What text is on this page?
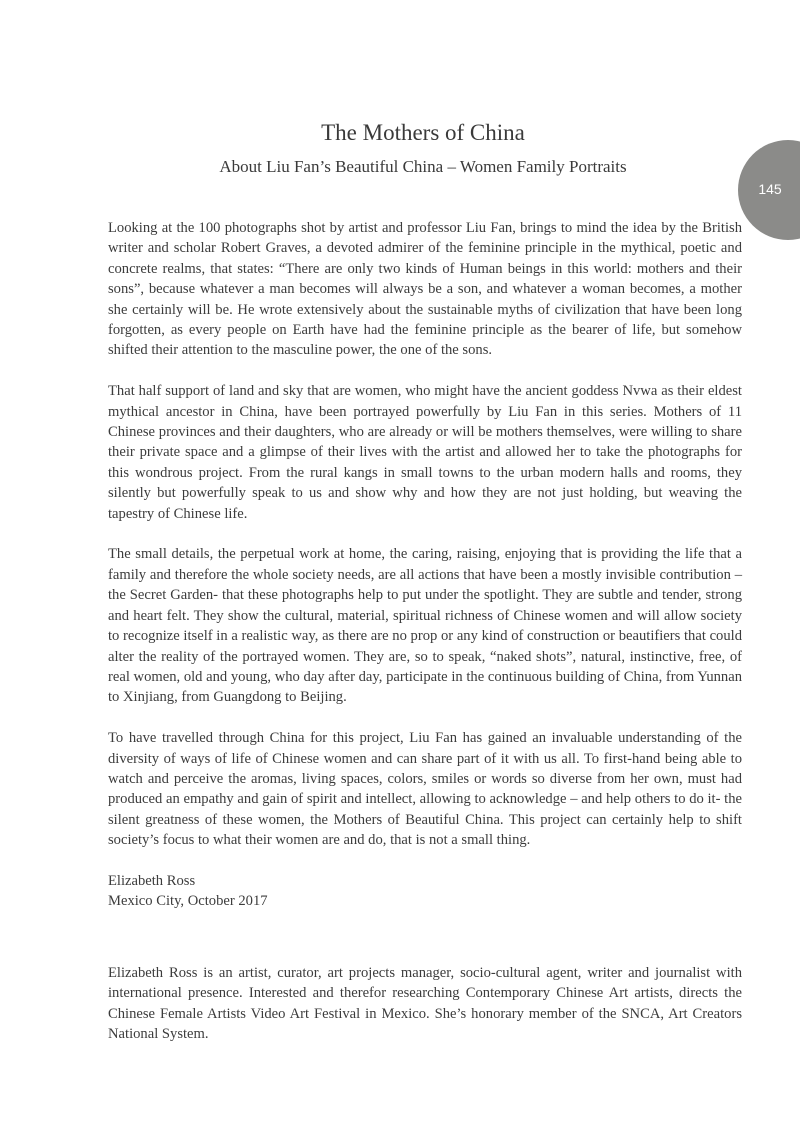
145
The Mothers of China
About Liu Fan’s Beautiful China – Women Family Portraits

Looking at the 100 photographs shot by artist and professor Liu Fan, brings to mind the idea by the British writer and scholar Robert Graves, a devoted admirer of the feminine principle in the mythical, poetic and concrete realms, that states: “There are only two kinds of Human beings in this world: mothers and their sons”, because whatever a man becomes will always be a son, and whatever a woman becomes, a mother she certainly will be. He wrote extensively about the sustainable myths of civilization that have been long forgotten, as every people on Earth have had the feminine principle as the bearer of life, but somehow shifted their attention to the masculine power, the one of the sons.

That half support of land and sky that are women, who might have the ancient goddess Nvwa as their eldest mythical ancestor in China, have been portrayed powerfully by Liu Fan in this series. Mothers of 11 Chinese provinces and their daughters, who are already or will be mothers themselves, were willing to share their private space and a glimpse of their lives with the artist and allowed her to take the photographs for this wondrous project. From the rural kangs in small towns to the urban modern halls and rooms, they silently but powerfully speak to us and show why and how they are not just holding, but weaving the tapestry of Chinese life.

The small details, the perpetual work at home, the caring, raising, enjoying that is providing the life that a family and therefore the whole society needs, are all actions that have been a mostly invisible contribution – the Secret Garden- that these photographs help to put under the spotlight. They are subtle and tender, strong and heart felt. They show the cultural, material, spiritual richness of Chinese women and will allow society to recognize itself in a realistic way, as there are no prop or any kind of construction or beautifiers that could alter the reality of the portrayed women. They are, so to speak, “naked shots”, natural, instinctive, free, of real women, old and young, who day after day, participate in the continuous building of China, from Yunnan to Xinjiang, from Guangdong to Beijing.

To have travelled through China for this project, Liu Fan has gained an invaluable understanding of the diversity of ways of life of Chinese women and can share part of it with us all. To first-hand being able to watch and perceive the aromas, living spaces, colors, smiles or words so diverse from her own, must had produced an empathy and gain of spirit and intellect, allowing to acknowledge – and help others to do it- the silent greatness of these women, the Mothers of Beautiful China. This project can certainly help to shift society’s focus to what their women are and do, that is not a small thing.

Elizabeth Ross

Mexico City, October 2017

Elizabeth Ross is an artist, curator, art projects manager, socio-cultural agent, writer and journalist with international presence. Interested and therefor researching Contemporary Chinese Art artists, directs the Chinese Female Artists Video Art Festival in Mexico. She’s honorary member of the SNCA, Art Creators National System.
